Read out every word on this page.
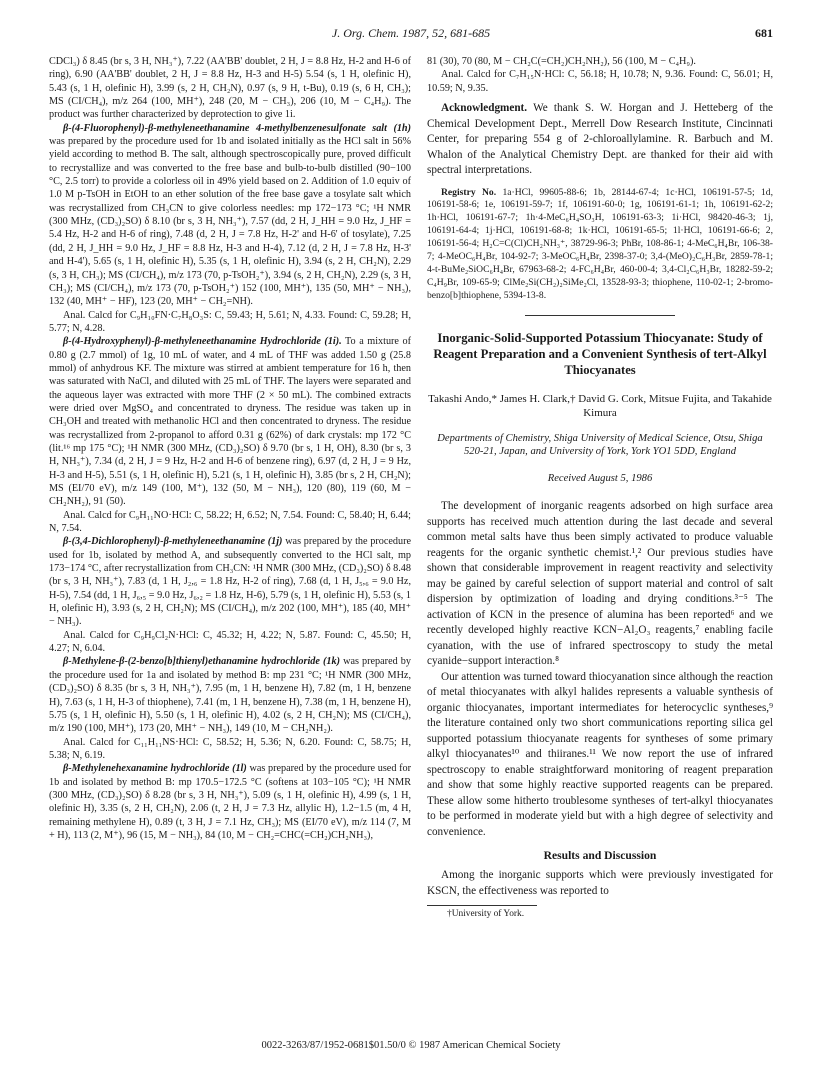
J. Org. Chem. 1987, 52, 681-685	681

CDCl₃) δ 8.45 (br s, 3 H, NH₃⁺), 7.22 (AA'BB' doublet, 2 H, J = 8.8 Hz, H-2 and H-6 of ring), 6.90 (AA'BB' doublet, 2 H, J = 8.8 Hz, H-3 and H-5) 5.54 (s, 1 H, olefinic H), 5.43 (s, 1 H, olefinic H), 3.99 (s, 2 H, CH₂N), 0.97 (s, 9 H, t-Bu), 0.19 (s, 6 H, CH₃); MS (CI/CH₄), m/z 264 (100, MH⁺), 248 (20, M − CH₃), 206 (10, M − C₄H₉). The product was further characterized by deprotection to give 1i.

β-(4-Fluorophenyl)-β-methyleneethanamine 4-methylbenzenesulfonate salt (1h) was prepared by the procedure used for 1b and isolated initially as the HCl salt in 56% yield according to method B. The salt, although spectroscopically pure, proved difficult to recrystallize and was converted to the free base and bulb-to-bulb distilled (90−100 °C, 2.5 torr) to provide a colorless oil in 49% yield based on 2. Addition of 1.0 equiv of 1.0 M p-TsOH in EtOH to an ether solution of the free base gave a tosylate salt which was recrystallized from CH₃CN to give colorless needles: mp 172−173 °C; ¹H NMR (300 MHz, (CD₃)₂SO) δ 8.10 (br s, 3 H, NH₃⁺), 7.57 (dd, 2 H, J_HH = 9.0 Hz, J_HF = 5.4 Hz, H-2 and H-6 of ring), 7.48 (d, 2 H, J = 7.8 Hz, H-2' and H-6' of tosylate), 7.25 (dd, 2 H, J_HH = 9.0 Hz, J_HF = 8.8 Hz, H-3 and H-4), 7.12 (d, 2 H, J = 7.8 Hz, H-3' and H-4'), 5.65 (s, 1 H, olefinic H), 5.35 (s, 1 H, olefinic H), 3.94 (s, 2 H, CH₂N), 2.29 (s, 3 H, CH₃); MS (CI/CH₄), m/z 173 (70, p-TsOH₂⁺), 3.94 (s, 2 H, CH₂N), 2.29 (s, 3 H, CH₃); MS (CI/CH₄), m/z 173 (70, p-TsOH₂⁺) 152 (100, MH⁺), 135 (50, MH⁺ − NH₃), 132 (40, MH⁺ − HF), 123 (20, MH⁺ − CH₂=NH).

Anal. Calcd for C₉H₁₀FN·C₇H₈O₃S: C, 59.43; H, 5.61; N, 4.33. Found: C, 59.28; H, 5.77; N, 4.28.

β-(4-Hydroxyphenyl)-β-methyleneethanamine Hydrochloride (1i). To a mixture of 0.80 g (2.7 mmol) of 1g, 10 mL of water, and 4 mL of THF was added 1.50 g (25.8 mmol) of anhydrous KF. The mixture was stirred at ambient temperature for 16 h, then was saturated with NaCl, and diluted with 25 mL of THF. The layers were separated and the aqueous layer was extracted with more THF (2 × 50 mL). The combined extracts were dried over MgSO₄ and concentrated to dryness. The residue was taken up in CH₃OH and treated with methanolic HCl and then concentrated to dryness. The residue was recrystallized from 2-propanol to afford 0.31 g (62%) of dark crystals: mp 172 °C (lit.¹⁶ mp 175 °C); ¹H NMR (300 MHz, (CD₃)₂SO) δ 9.70 (br s, 1 H, OH), 8.30 (br s, 3 H, NH₃⁺), 7.34 (d, 2 H, J = 9 Hz, H-2 and H-6 of benzene ring), 6.97 (d, 2 H, J = 9 Hz, H-3 and H-5), 5.51 (s, 1 H, olefinic H), 5.21 (s, 1 H, olefinic H), 3.85 (br s, 2 H, CH₂N); MS (EI/70 eV), m/z 149 (100, M⁺), 132 (50, M − NH₃), 120 (80), 119 (60, M − CH₂NH₂), 91 (50).

Anal. Calcd for C₉H₁₁NO·HCl: C, 58.22; H, 6.52; N, 7.54. Found: C, 58.40; H, 6.44; N, 7.54.

β-(3,4-Dichlorophenyl)-β-methyleneethanamine (1j) was prepared by the procedure used for 1b, isolated by method A, and subsequently converted to the HCl salt, mp 173−174 °C, after recrystallization from CH₃CN: ¹H NMR (300 MHz, (CD₃)₂SO) δ 8.48 (br s, 3 H, NH₃⁺), 7.83 (d, 1 H, J₂,₆ = 1.8 Hz, H-2 of ring), 7.68 (d, 1 H, J₅,₆ = 9.0 Hz, H-5), 7.54 (dd, 1 H, J₆,₅ = 9.0 Hz, J₆,₂ = 1.8 Hz, H-6), 5.79 (s, 1 H, olefinic H), 5.53 (s, 1 H, olefinic H), 3.93 (s, 2 H, CH₂N); MS (CI/CH₄), m/z 202 (100, MH⁺), 185 (40, MH⁺ − NH₃).

Anal. Calcd for C₉H₉Cl₂N·HCl: C, 45.32; H, 4.22; N, 5.87. Found: C, 45.50; H, 4.27; N, 6.04.

β-Methylene-β-(2-benzo[b]thienyl)ethanamine hydrochloride (1k) was prepared by the procedure used for 1a and isolated by method B: mp 231 °C; ¹H NMR (300 MHz, (CD₃)₂SO) δ 8.35 (br s, 3 H, NH₃⁺), 7.95 (m, 1 H, benzene H), 7.82 (m, 1 H, benzene H), 7.63 (s, 1 H, H-3 of thiophene), 7.41 (m, 1 H, benzene H), 7.38 (m, 1 H, benzene H), 5.75 (s, 1 H, olefinic H), 5.50 (s, 1 H, olefinic H), 4.02 (s, 2 H, CH₂N); MS (CI/CH₄), m/z 190 (100, MH⁺), 173 (20, MH⁺ − NH₃), 149 (10, M − CH₂NH₂).

Anal. Calcd for C₁₁H₁₁NS·HCl: C, 58.52; H, 5.36; N, 6.20. Found: C, 58.75; H, 5.38; N, 6.19.

β-Methylenehexanamine hydrochloride (1l) was prepared by the procedure used for 1b and isolated by method B: mp 170.5−172.5 °C (softens at 103−105 °C); ¹H NMR (300 MHz, (CD₃)₂SO) δ 8.28 (br s, 3 H, NH₃⁺), 5.09 (s, 1 H, olefinic H), 4.99 (s, 1 H, olefinic H), 3.35 (s, 2 H, CH₂N), 2.06 (t, 2 H, J = 7.3 Hz, allylic H), 1.2−1.5 (m, 4 H, remaining methylene H), 0.89 (t, 3 H, J = 7.1 Hz, CH₃); MS (EI/70 eV), m/z 114 (7, M + H), 113 (2, M⁺), 96 (15, M − NH₃), 84 (10, M − CH₂=CHC(=CH₂)CH₂NH₃),

81 (30), 70 (80, M − CH₂C(=CH₂)CH₂NH₂), 56 (100, M − C₄H₉).

Anal. Calcd for C₇H₁₅N·HCl: C, 56.18; H, 10.78; N, 9.36. Found: C, 56.01; H, 10.59; N, 9.35.

Acknowledgment. We thank S. W. Horgan and J. Hetteberg of the Chemical Development Dept., Merrell Dow Research Institute, Cincinnati Center, for preparing 554 g of 2-chloroallylamine. R. Barbuch and M. Whalon of the Analytical Chemistry Dept. are thanked for their aid with spectral interpretations.

Registry No. 1a·HCl, 99605-88-6; 1b, 28144-67-4; 1c·HCl, 106191-57-5; 1d, 106191-58-6; 1e, 106191-59-7; 1f, 106191-60-0; 1g, 106191-61-1; 1h, 106191-62-2; 1h·HCl, 106191-67-7; 1h·4-MeC₆H₄SO₃H, 106191-63-3; 1i·HCl, 98420-46-3; 1j, 106191-64-4; 1j·HCl, 106191-68-8; 1k·HCl, 106191-65-5; 1l·HCl, 106191-66-6; 2, 106191-56-4; H₂C=C(Cl)CH₂NH₃⁺, 38729-96-3; PhBr, 108-86-1; 4-MeC₆H₄Br, 106-38-7; 4-MeOC₆H₄Br, 104-92-7; 3-MeOC₆H₄Br, 2398-37-0; 3,4-(MeO)₂C₆H₃Br, 2859-78-1; 4-t-BuMe₂SiOC₆H₄Br, 67963-68-2; 4-FC₆H₄Br, 460-00-4; 3,4-Cl₂C₆H₃Br, 18282-59-2; C₄H₉Br, 109-65-9; ClMe₂Si(CH₂)₂SiMe₂Cl, 13528-93-3; thiophene, 110-02-1; 2-bromo-benzo[b]thiophene, 5394-13-8.

Inorganic-Solid-Supported Potassium Thiocyanate: Study of Reagent Preparation and a Convenient Synthesis of tert-Alkyl Thiocyanates

Takashi Ando,* James H. Clark,† David G. Cork, Mitsue Fujita, and Takahide Kimura

Departments of Chemistry, Shiga University of Medical Science, Otsu, Shiga 520-21, Japan, and University of York, York YO1 5DD, England

Received August 5, 1986

The development of inorganic reagents adsorbed on high surface area supports has received much attention during the last decade and several common metal salts have thus been simply activated to produce valuable reagents for the organic synthetic chemist.¹,² Our previous studies have shown that considerable improvement in reagent reactivity and selectivity may be gained by careful selection of support material and control of salt dispersion by optimization of loading and drying conditions.³⁻⁵ The activation of KCN in the presence of alumina has been reported⁶ and we recently developed highly reactive KCN−Al₂O₃ reagents,⁷ enabling facile cyanation, with the use of infrared spectroscopy to study the metal cyanide−support interaction.⁸

Our attention was turned toward thiocyanation since although the reaction of metal thiocyanates with alkyl halides represents a valuable synthesis of organic thiocyanates, important intermediates for heterocyclic syntheses,⁹ the literature contained only two short communications reporting silica gel supported potassium thiocyanate reagents for syntheses of some primary alkyl thiocyanates¹⁰ and thiiranes.¹¹ We now report the use of infrared spectroscopy to enable straightforward monitoring of reagent preparation and show that some highly reactive supported reagents can be prepared. These allow some hitherto troublesome syntheses of tert-alkyl thiocyanates to be performed in moderate yield but with a high degree of selectivity and convenience.

Results and Discussion

Among the inorganic supports which were previously investigated for KSCN, the effectiveness was reported to

†University of York.

0022-3263/87/1952-0681$01.50/0 © 1987 American Chemical Society
